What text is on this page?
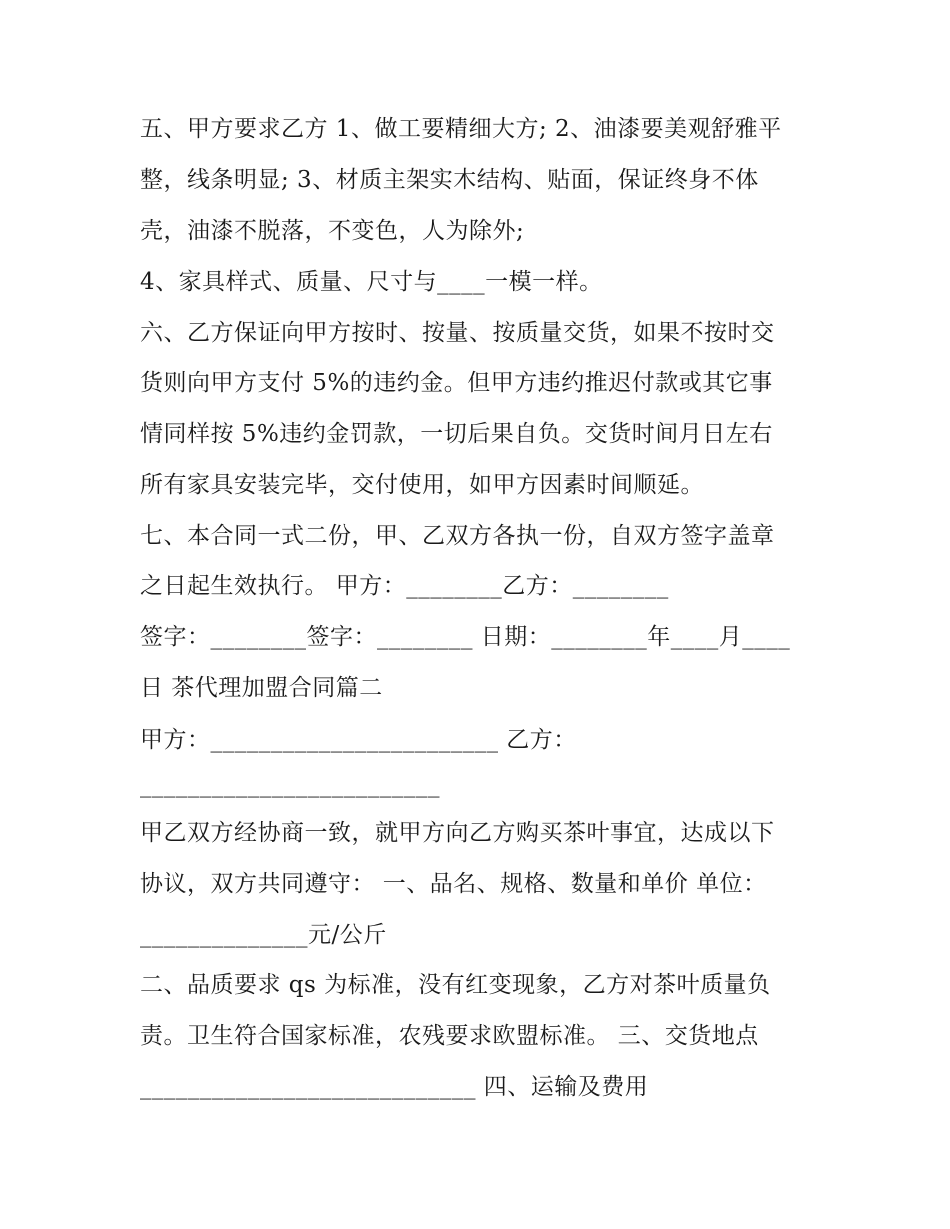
五、甲方要求乙方 1、做工要精细大方; 2、油漆要美观舒雅平
整，线条明显; 3、材质主架实木结构、贴面，保证终身不体
壳，油漆不脱落，不变色，人为除外;
4、家具样式、质量、尺寸与____一模一样。
六、乙方保证向甲方按时、按量、按质量交货，如果不按时交
货则向甲方支付 5%的违约金。但甲方违约推迟付款或其它事
情同样按 5%违约金罚款，一切后果自负。交货时间月日左右
所有家具安装完毕，交付使用，如甲方因素时间顺延。
七、本合同一式二份，甲、乙双方各执一份，自双方签字盖章
之日起生效执行。 甲方：________乙方：________
签字：________签字：________ 日期：________年____月____
日 茶代理加盟合同篇二
甲方：________________________ 乙方：
_________________________
甲乙双方经协商一致，就甲方向乙方购买茶叶事宜，达成以下
协议，双方共同遵守： 一、品名、规格、数量和单价 单位：
______________元/公斤
二、品质要求 qs 为标准，没有红变现象，乙方对茶叶质量负
责。卫生符合国家标准，农残要求欧盟标准。 三、交货地点
____________________________ 四、运输及费用
